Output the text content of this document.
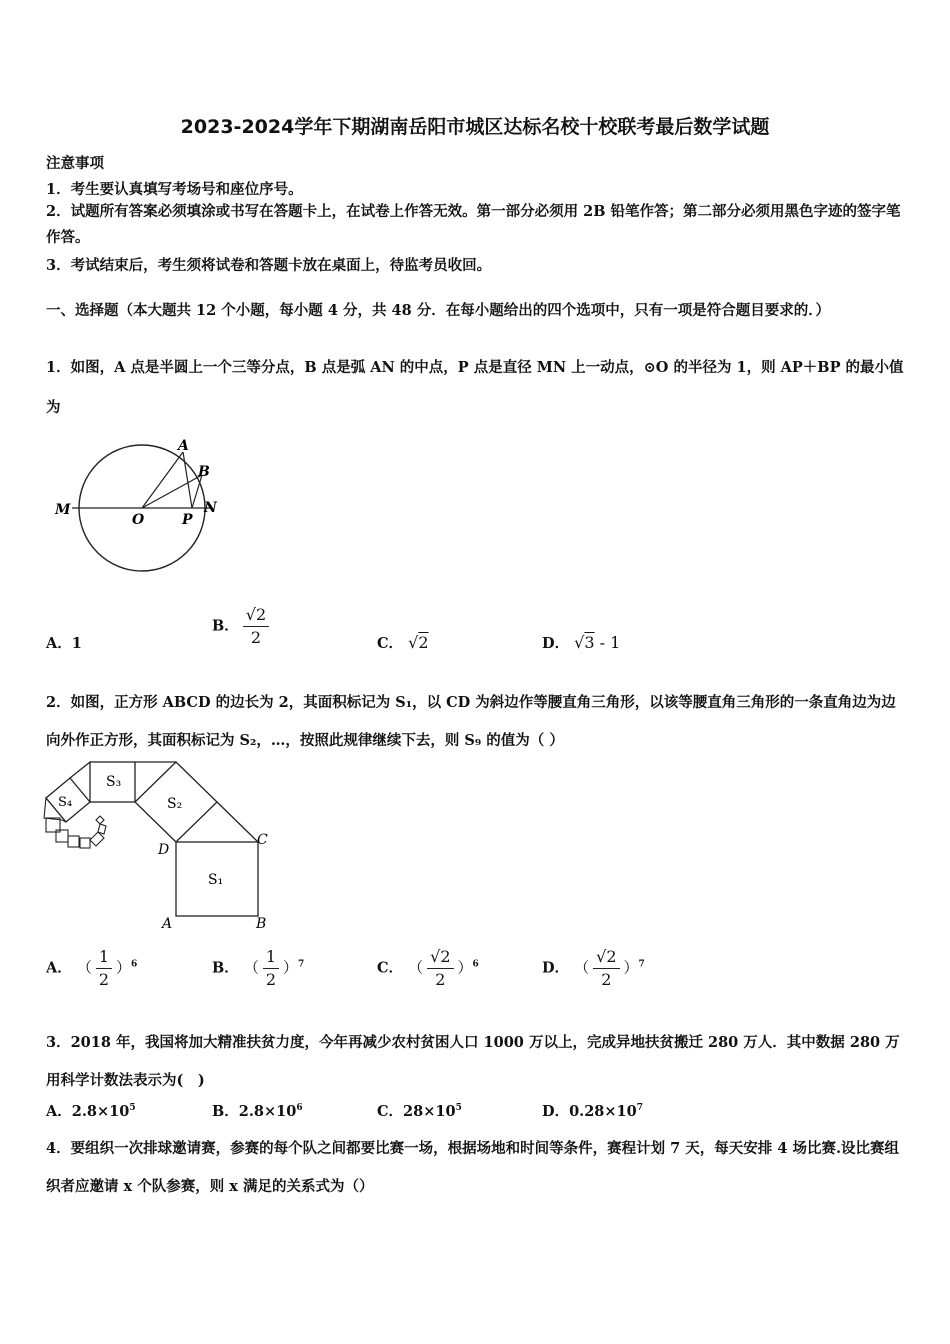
2023-2024学年下期湖南岳阳市城区达标名校十校联考最后数学试题
注意事项
1．考生要认真填写考场号和座位序号。
2．试题所有答案必须填涂或书写在答题卡上，在试卷上作答无效。第一部分必须用 2B 铅笔作答；第二部分必须用黑色字迹的签字笔作答。
3．考试结束后，考生须将试卷和答题卡放在桌面上，待监考员收回。
一、选择题（本大题共 12 个小题，每小题 4 分，共 48 分．在每小题给出的四个选项中，只有一项是符合题目要求的．）
1．如图，A 点是半圆上一个三等分点，B 点是弧 AN 的中点，P 点是直径 MN 上一动点，⊙O 的半径为 1，则 AP＋BP 的最小值为
A
B
M
O	P
N
A．1
B． $\frac{√2}{2}$	C． √2	D． √3 - 1
2．如图，正方形 ABCD 的边长为 2，其面积标记为 S₁，以 CD 为斜边作等腰直角三角形，以该等腰直角三角形的一条直角边为边向外作正方形，其面积标记为 S₂，…，按照此规律继续下去，则 S₉ 的值为（ ）
S₁
S₂
S₃
S₄
A	B
C
D
A． （ $\frac{1}{2} )^6$	B． （ $\frac{1}{2} )^7$	C． （ $\frac{√2}{2} )^6$	D． （ $\frac{√2}{2} )^7$
3．2018 年，我国将加大精准扶贫力度，今年再减少农村贫困人口 1000 万以上，完成异地扶贫搬迁 280 万人．其中数据 280 万用科学计数法表示为(　)
A．$2.8\times 10^5$	B．$2.8\times 10^6$	C．$28\times 10^5$	D．$0.28\times 10^7$
4．要组织一次排球邀请赛，参赛的每个队之间都要比赛一场，根据场地和时间等条件，赛程计划 7 天，每天安排 4 场比赛.设比赛组织者应邀请 x 个队参赛，则 x 满足的关系式为（）
